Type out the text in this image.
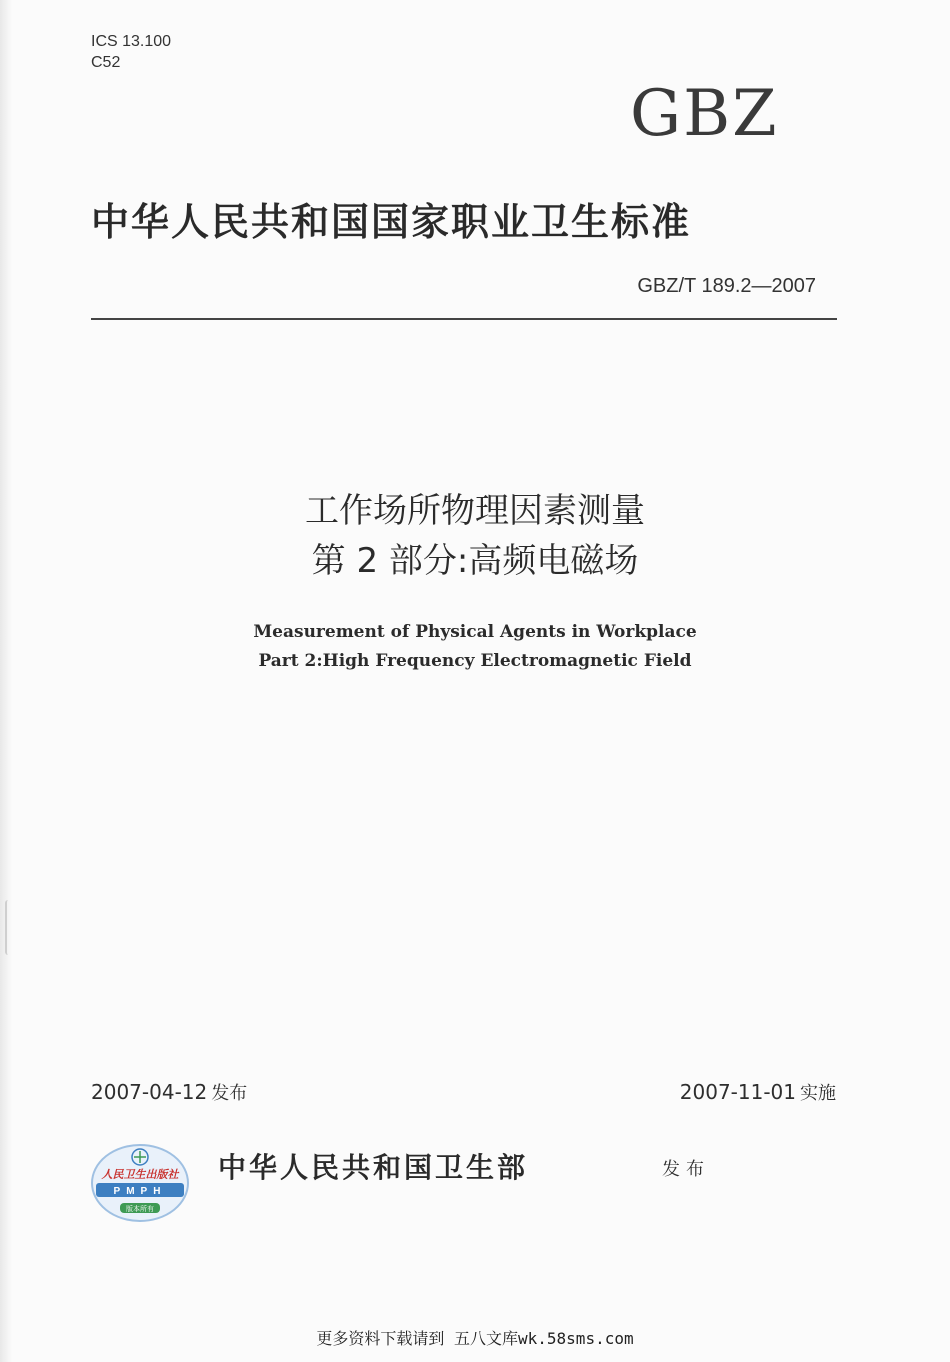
ICS 13.100
C52
GBZ
中华人民共和国国家职业卫生标准
GBZ/T 189.2—2007
工作场所物理因素测量
第 2 部分:高频电磁场
Measurement of Physical Agents in Workplace
Part 2:High Frequency Electromagnetic Field
2007-04-12 发布	2007-11-01 实施
人民卫生出版社
PMPH
版本所有
中华人民共和国卫生部	发布
更多资料下载请到 五八文库wk.58sms.com
